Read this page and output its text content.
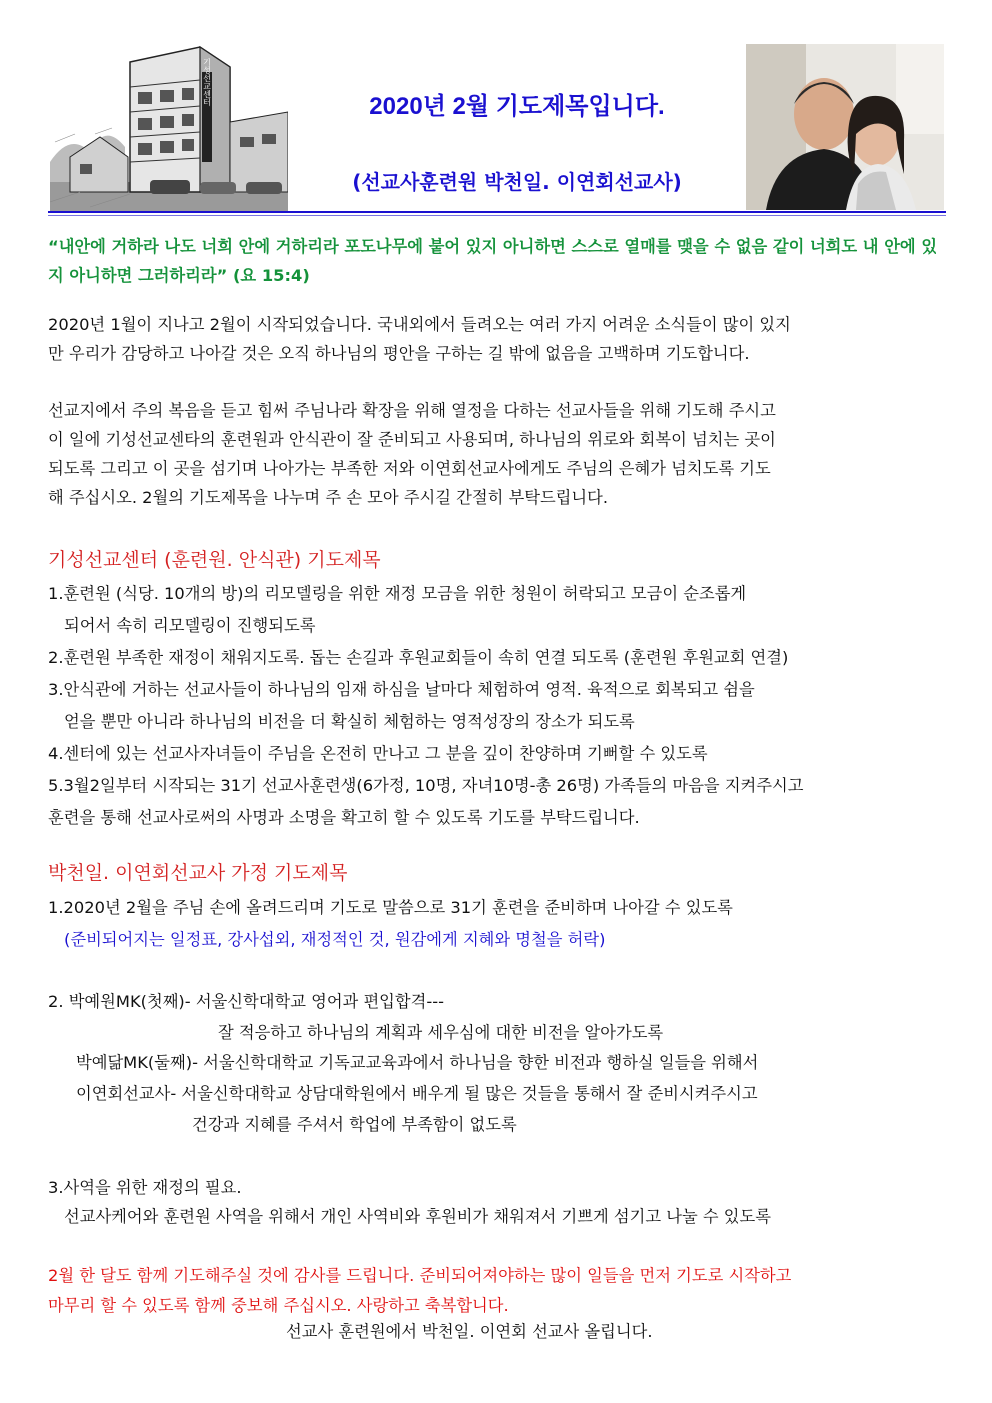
기성선교센터
2020년 2월 기도제목입니다.
(선교사훈련원 박천일. 이연회선교사)
“내안에 거하라 나도 너희 안에 거하리라 포도나무에 붙어 있지 아니하면 스스로 열매를 맺을 수 없음 같이 너희도 내 안에 있지 아니하면 그러하리라” (요 15:4)

2020년 1월이 지나고 2월이 시작되었습니다. 국내외에서 들려오는 여러 가지 어려운 소식들이 많이 있지

만 우리가 감당하고 나아갈 것은 오직 하나님의 평안을 구하는 길 밖에 없음을 고백하며 기도합니다.

선교지에서 주의 복음을 듣고 힘써 주님나라 확장을 위해 열정을 다하는 선교사들을 위해 기도해 주시고

이 일에 기성선교센타의 훈련원과 안식관이 잘 준비되고 사용되며, 하나님의 위로와 회복이 넘치는 곳이

되도록 그리고 이 곳을 섬기며 나아가는 부족한 저와 이연회선교사에게도 주님의 은혜가 넘치도록 기도

해 주십시오. 2월의 기도제목을 나누며 주 손 모아 주시길 간절히 부탁드립니다.

기성선교센터 (훈련원. 안식관) 기도제목
1.훈련원 (식당. 10개의 방)의 리모델링을 위한 재정 모금을 위한 청원이 허락되고 모금이 순조롭게
되어서 속히 리모델링이 진행되도록
2.훈련원 부족한 재정이 채워지도록. 돕는 손길과 후원교회들이 속히 연결 되도록 (훈련원 후원교회 연결)
3.안식관에 거하는 선교사들이 하나님의 임재 하심을 날마다 체험하여 영적. 육적으로 회복되고 쉼을
얻을 뿐만 아니라 하나님의 비전을 더 확실히 체험하는 영적성장의 장소가 되도록
4.센터에 있는 선교사자녀들이 주님을 온전히 만나고 그 분을 깊이 찬양하며 기뻐할 수 있도록
5.3월2일부터 시작되는 31기 선교사훈련생(6가정, 10명, 자녀10명-총 26명) 가족들의 마음을 지켜주시고
훈련을 통해 선교사로써의 사명과 소명을 확고히 할 수 있도록 기도를 부탁드립니다.
박천일. 이연회선교사 가정 기도제목
1.2020년 2월을 주님 손에 올려드리며 기도로 말씀으로 31기 훈련을 준비하며 나아갈 수 있도록
(준비되어지는 일정표, 강사섭외, 재정적인 것, 원감에게 지혜와 명철을 허락)
2. 박예원MK(첫째)- 서울신학대학교 영어과 편입합격---
잘 적응하고 하나님의 계획과 세우심에 대한 비전을 알아가도록
박예닮MK(둘째)- 서울신학대학교 기독교교육과에서 하나님을 향한 비전과 행하실 일들을 위해서
이연회선교사- 서울신학대학교 상담대학원에서 배우게 될 많은 것들을 통해서 잘 준비시켜주시고
건강과 지혜를 주셔서 학업에 부족함이 없도록
3.사역을 위한 재정의 필요.
선교사케어와 훈련원 사역을 위해서 개인 사역비와 후원비가 채워져서 기쁘게 섬기고 나눌 수 있도록
2월 한 달도 함께 기도해주실 것에 감사를 드립니다. 준비되어져야하는 많이 일들을 먼저 기도로 시작하고
마무리 할 수 있도록 함께 중보해 주십시오. 사랑하고 축복합니다.
선교사 훈련원에서 박천일. 이연회 선교사 올립니다.
